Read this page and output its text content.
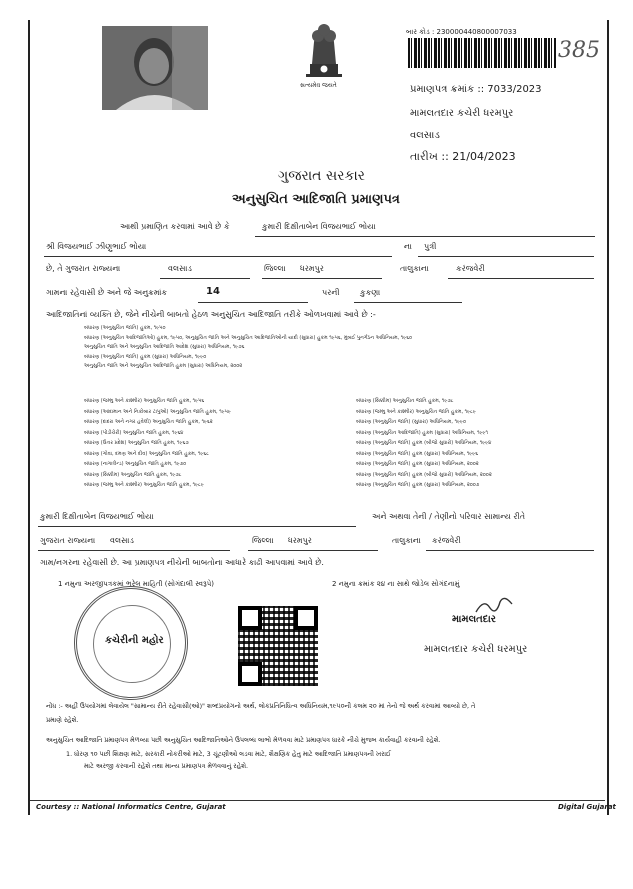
સત્યમેવ જયતે
બાર કોડ : 230000440800007033
385
પ્રમાણપત્ર ક્રમાંક :: 7033/2023
મામલતદાર કચેરી ધરમપુર
વલસાડ
તારીખ :: 21/04/2023
ગુજરાત સરકાર
અનુસુચિત આદિજાતિ પ્રમાણપત્ર
આથી પ્રમાણિત કરવામાં આવે છે કે	કુમારી દિક્ષીતાબેન વિજયભાઈ ભોયા
શ્રી વિજયભાઈ ઝીણુભાઈ ભોયા	ના પુત્રી
છે, તે ગુજરાત રાજ્યના	વલસાડ	જિલ્લા ધરમપુર	તાલુકાના	કરંજવેરી
ગામના રહેવાસી છે અને જે અનુક્રમાંક	14	પરની	કુકણા
આદિજાતિનાં વ્યક્તિ છે, જેને નીચેની બાબતો હેઠળ અનુસુચિત આદિજાતિ તરીકે ઓળખવામાં આવે છે :-
બંધારણ (અનુસુચિત જાતિ) હુકમ, ૧૯૫૦
બંધારણ (અનુસુચિત આદિજાતિઓ) હુકમ, ૧૯૫૦, અનુસુચિત જાતિ અને અનુસુચિત આદિજાતિઓની યાદી (સુધારા) હુકમ ૧૯૫૬, મુંબઈ પુનર્ગઠન અધિનિયમ, ૧૯૬૦
અનુસુચિત જાતિ અને અનુસુચિત આદિજાતિ આદેશ (સુધારા) અધિનિયમ, ૧૯૭૬
બંધારણ (અનુસુચિત જાતિ) હુકમ (સુધારા) અધિનિયમ, ૧૯૯૦
અનુસુચિત જાતિ અને અનુસુચિત આદિજાતિ હુકમ (સુધારા) અધિનિયમ, ૨૦૦૨
બંધારણ (જમ્મુ અને કાશ્મીર) અનુસુચિત જાતિ હુકમ, ૧૯૫૬
બંધારણ (આંદામાન અને નિકોબાર ટાપુઓ) અનુસુચિત જાતિ હુકમ, ૧૯૫૯
બંધારણ (દાદરા અને નગર હવેલી) અનુસુચિત જાતિ હુકમ, ૧૯૬૨
બંધારણ (પોંડીચેરી) અનુસુચિત જાતિ હુકમ, ૧૯૬૪
બંધારણ (ઉત્તર પ્રદેશ) અનુસુચિત જાતિ હુકમ, ૧૯૬૭
બંધારણ (ગોવા, દમણ અને દીવ) અનુસુચિત જાતિ હુકમ, ૧૯૬૮
બંધારણ (નાગાલેન્ડ) અનુસુચિત જાતિ હુકમ, ૧૯૭૦
બંધારણ (સિક્કીમ) અનુસુચિત જાતિ હુકમ, ૧૯૭૮
બંધારણ (જમ્મુ અને કાશ્મીર) અનુસુચિત જાતિ હુકમ, ૧૯૮૯
બંધારણ (સિક્કીમ) અનુસુચિત જાતિ હુકમ, ૧૯૭૮
બંધારણ (જમ્મુ અને કાશ્મીર) અનુસુચિત જાતિ હુકમ, ૧૯૮૯
બંધારણ (અનુસુચિત જાતિ) (સુધારા) અધિનિયમ, ૧૯૯૦
બંધારણ (અનુસુચિત આદિજાતિ) હુકમ (સુધારા) અધિનિયમ, ૧૯૯૧
બંધારણ (અનુસુચિત જાતિ) હુકમ (બીજો સુધારો) અધિનિયમ, ૧૯૯૪
બંધારણ (અનુસુચિત જાતિ) હુકમ (સુધારા) અધિનિયમ, ૧૯૯૬
બંધારણ (અનુસુચિત જાતિ) હુકમ (સુધારા) અધિનિયમ, ૨૦૦૨
બંધારણ (અનુસુચિત જાતિ) હુકમ (બીજો સુધારો) અધિનિયમ, ૨૦૦૨
બંધારણ (અનુસુચિત જાતિ) હુકમ (સુધારા) અધિનિયમ, ૨૦૦૭
કુમારી દિક્ષીતાબેન વિજયભાઈ ભોયા	અને અથવા તેની / તેણીનો પરિવાર સામાન્ય રીતે
ગુજરાત રાજ્યના વલસાડ	જિલ્લા ધરમપુર	તાલુકાના કરંજવેરી
ગામ/નગરના રહેવાસી છે. આ પ્રમાણપત્ર નીચેની બાબતોના આધારે કાઢી આપવામાં આવે છે.
1 નમુના અરજીપત્રકમાં ભરેલ માહિતી (સોગંદાલી સ્વરૂપે)	2 નમુના ક્રમાંક ૨૪ ના સાથે જોડેલ સોગંદનામું
કચેરીની મહોર
મામલતદાર
મામલતદાર કચેરી ધરમપુર
નોંધ :- અહીં ઉપયોગમાં લેવાયેલ "સામાન્ય રીતે રહેવાસી(ઓ)" શબ્દપ્રયોગનો અર્થ, લોકપ્રતિનિધિત્વ અધિનિયમ,૧૯૫૦ની કલમ ૨૦ માં તેનો જે અર્થ કરવામાં આવ્યો છે, તે
પ્રમાણે રહેશે.
અનુસુચિત આદિજાતિ પ્રમાણપત્ર મેળવ્યા પછી અનુસુચિત આદિજાતિઓને ઉપલબ્ધ લાભો મેળવવા માટે પ્રમાણપત્ર ધારકે નીચે મુજબ કાર્યવાહી કરવાની રહેશે.
1. ધોરણ ૧૦ પછી શિક્ષણ માટે, સરકારી નોકરીઓ માટે, 3 ચૂંટણીઓ લડવા માટે, શૈક્ષણિક હેતુ માટે આદિજાતિ પ્રમાણપત્રની ખરાઈ
માટે અરજી કરવાની રહેશે તથા માન્ય પ્રમાણપત્ર મેળવવાનું રહેશે.
Courtesy :: National Informatics Centre, Gujarat	Digital Gujarat
